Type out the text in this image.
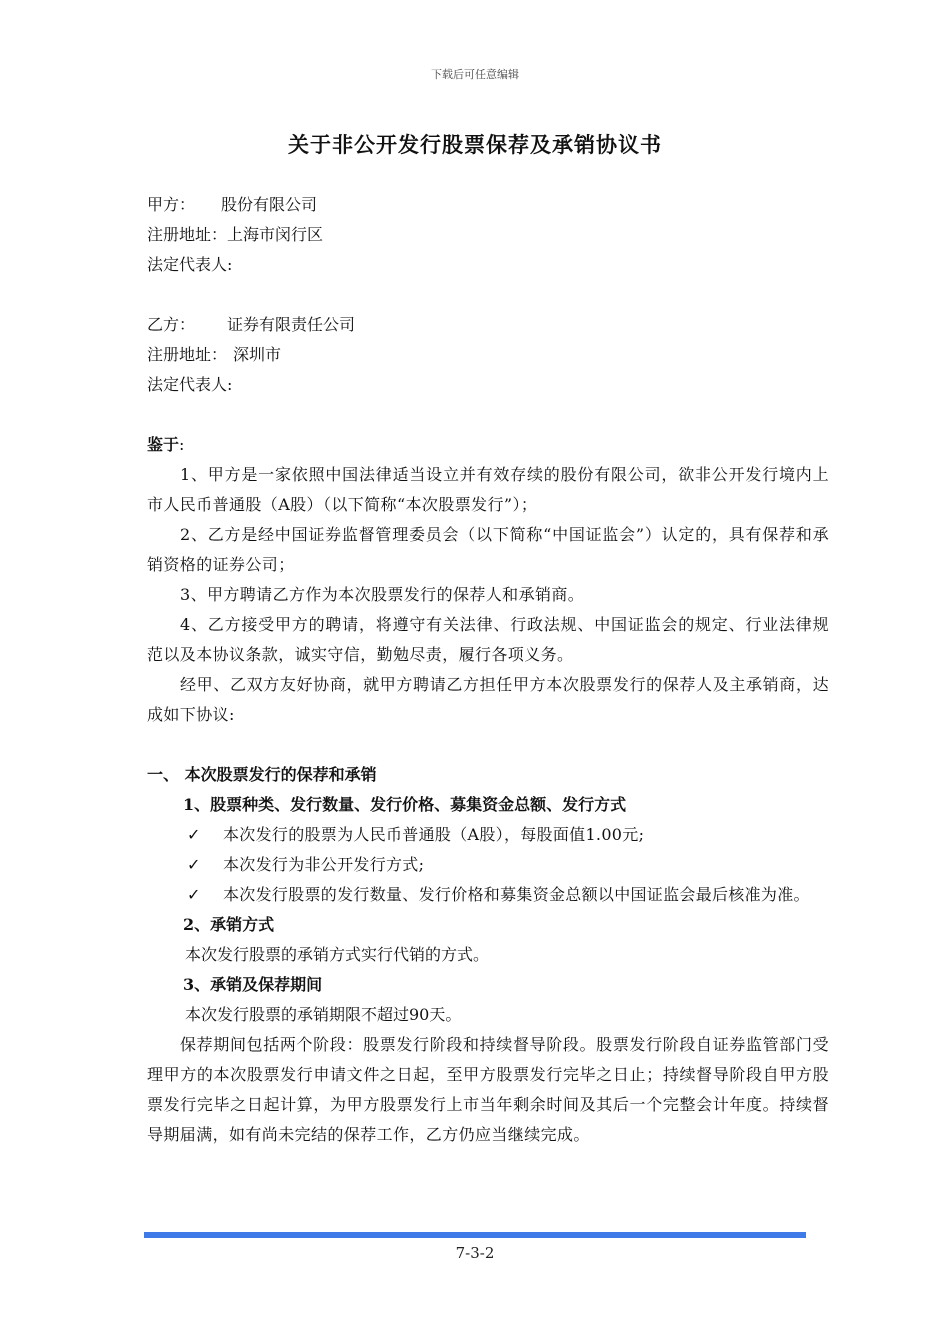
下载后可任意编辑
关于非公开发行股票保荐及承销协议书
甲方： 股份有限公司
注册地址：上海市闵行区
法定代表人:
乙方： 证券有限责任公司
注册地址： 深圳市
法定代表人:
鉴于:
1、甲方是一家依照中国法律适当设立并有效存续的股份有限公司，欲非公开发行境内上市人民币普通股（A股）（以下简称“本次股票发行”）；
2、乙方是经中国证券监督管理委员会（以下简称“中国证监会”）认定的，具有保荐和承销资格的证券公司；
3、甲方聘请乙方作为本次股票发行的保荐人和承销商。
4、乙方接受甲方的聘请，将遵守有关法律、行政法规、中国证监会的规定、行业法律规范以及本协议条款，诚实守信，勤勉尽责，履行各项义务。
经甲、乙双方友好协商，就甲方聘请乙方担任甲方本次股票发行的保荐人及主承销商，达成如下协议:
一、 本次股票发行的保荐和承销
1、股票种类、发行数量、发行价格、募集资金总额、发行方式
✓	本次发行的股票为人民币普通股（A股），每股面值1.00元;
✓	本次发行为非公开发行方式;
✓	本次发行股票的发行数量、发行价格和募集资金总额以中国证监会最后核准为准。
2、承销方式
本次发行股票的承销方式实行代销的方式。
3、承销及保荐期间
本次发行股票的承销期限不超过90天。
保荐期间包括两个阶段：股票发行阶段和持续督导阶段。股票发行阶段自证券监管部门受理甲方的本次股票发行申请文件之日起，至甲方股票发行完毕之日止；持续督导阶段自甲方股票发行完毕之日起计算，为甲方股票发行上市当年剩余时间及其后一个完整会计年度。持续督导期届满，如有尚未完结的保荐工作，乙方仍应当继续完成。
7-3-2
